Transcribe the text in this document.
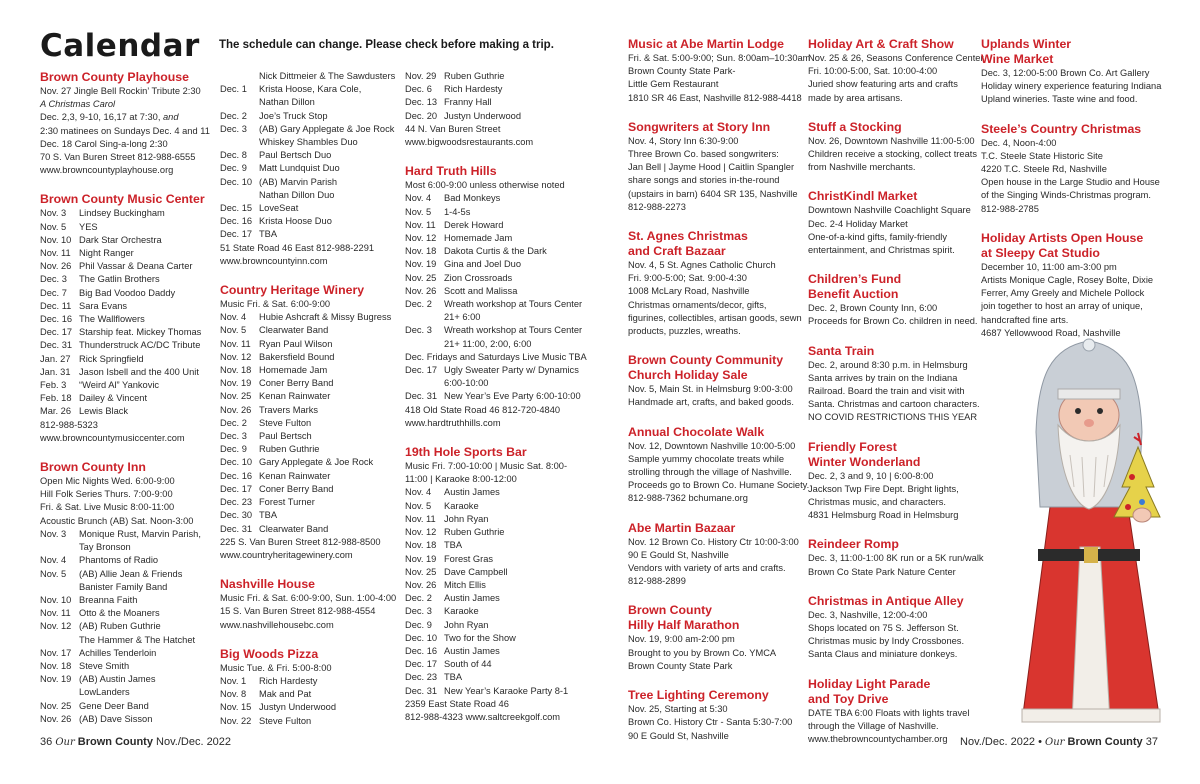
Calendar The schedule can change. Please check before making a trip.
Brown County Playhouse

Nov. 27 Jingle Bell Rockin’ Tribute 2:30

A Christmas Carol

Dec. 2,3, 9-10, 16,17 at 7:30, and

2:30 matinees on Sundays Dec. 4 and 11

Dec. 18 Carol Sing-a-long 2:30

70 S. Van Buren Street 812-988-6555

www.browncountyplayhouse.org

Brown County Music Center
Nov. 3	Lindsey Buckingham
Nov. 5	YES
Nov. 10 Dark Star Orchestra
Nov. 11 Night Ranger
Nov. 26 Phil Vassar & Deana Carter
Dec. 3	The Gatlin Brothers
Dec. 7	Big Bad Voodoo Daddy
Dec. 11 Sara Evans
Dec. 16 The Wallflowers
Dec. 17 Starship feat. Mickey Thomas
Dec. 31 Thunderstruck AC/DC Tribute
Jan. 27 Rick Springfield
Jan. 31 Jason Isbell and the 400 Unit
Feb. 3	“Weird Al” Yankovic
Feb. 18 Dailey & Vincent
Mar. 26 Lewis Black

812-988-5323

www.browncountymusiccenter.com

Brown County Inn

Open Mic Nights Wed. 6:00-9:00

Hill Folk Series Thurs. 7:00-9:00

Fri. & Sat. Live Music 8:00-11:00

Acoustic Brunch (AB) Sat. Noon-3:00

Nov. 3	Monique Rust, Marvin Parish,
Tay Bronson
Nov. 4	Phantoms of Radio
Nov. 5	(AB) Allie Jean & Friends
Banister Family Band
Nov. 10 Breanna Faith
Nov. 11 Otto & the Moaners
Nov. 12 (AB) Ruben Guthrie
The Hammer & The Hatchet
Nov. 17 Achilles Tenderloin
Nov. 18 Steve Smith
Nov. 19 (AB) Austin James
LowLanders
Nov. 25 Gene Deer Band
Nov. 26 (AB) Dave Sisson
Nick Dittmeier & The Sawdusters
Dec. 1	Krista Hoose, Kara Cole,
Nathan Dillon
Dec. 2	Joe’s Truck Stop
Dec. 3	(AB) Gary Applegate & Joe Rock
Whiskey Shambles Duo
Dec. 8	Paul Bertsch Duo
Dec. 9	Matt Lundquist Duo
Dec. 10 (AB) Marvin Parish
Nathan Dillon Duo
Dec. 15 LoveSeat
Dec. 16 Krista Hoose Duo
Dec. 17 TBA

51 State Road 46 East 812-988-2291

www.browncountyinn.com

Country Heritage Winery

Music Fri. & Sat. 6:00-9:00

Nov. 4	Hubie Ashcraft & Missy Bugress
Nov. 5	Clearwater Band
Nov. 11 Ryan Paul Wilson
Nov. 12 Bakersfield Bound
Nov. 18 Homemade Jam
Nov. 19 Coner Berry Band
Nov. 25 Kenan Rainwater
Nov. 26 Travers Marks
Dec. 2	Steve Fulton
Dec. 3	Paul Bertsch
Dec. 9	Ruben Guthrie
Dec. 10 Gary Applegate & Joe Rock
Dec. 16 Kenan Rainwater
Dec. 17 Coner Berry Band
Dec. 23 Forest Turner
Dec. 30 TBA
Dec. 31 Clearwater Band

225 S. Van Buren Street 812-988-8500

www.countryheritagewinery.com

Nashville House

Music Fri. & Sat. 6:00-9:00, Sun. 1:00-4:00

15 S. Van Buren Street 812-988-4554

www.nashvillehousebc.com

Big Woods Pizza

Music Tue. & Fri. 5:00-8:00

Nov. 1	Rich Hardesty
Nov. 8	Mak and Pat
Nov. 15 Justyn Underwood
Nov. 22 Steve Fulton
Nov. 29 Ruben Guthrie
Dec. 6	Rich Hardesty
Dec. 13 Franny Hall
Dec. 20 Justyn Underwood

44 N. Van Buren Street

www.bigwoodsrestaurants.com

Hard Truth Hills

Most 6:00-9:00 unless otherwise noted

Nov. 4	Bad Monkeys
Nov. 5	1-4-5s
Nov. 11 Derek Howard
Nov. 12 Homemade Jam
Nov. 18 Dakota Curtis & the Dark
Nov. 19 Gina and Joel Duo
Nov. 25 Zion Crossroads
Nov. 26 Scott and Malissa
Dec. 2	Wreath workshop at Tours Center
21+ 6:00
Dec. 3	Wreath workshop at Tours Center
21+ 11:00, 2:00, 6:00

Dec. Fridays and Saturdays Live Music TBA

Dec. 17 Ugly Sweater Party w/ Dynamics
6:00-10:00
Dec. 31 New Year’s Eve Party 6:00-10:00

418 Old State Road 46 812-720-4840

www.hardtruthhills.com

19th Hole Sports Bar

Music Fri. 7:00-10:00 | Music Sat. 8:00-

11:00 | Karaoke 8:00-12:00

Nov. 4	Austin James
Nov. 5	Karaoke
Nov. 11 John Ryan
Nov. 12 Ruben Guthrie
Nov. 18 TBA
Nov. 19 Forest Gras
Nov. 25 Dave Campbell
Nov. 26 Mitch Ellis
Dec. 2	Austin James
Dec. 3	Karaoke
Dec. 9	John Ryan
Dec. 10 Two for the Show
Dec. 16 Austin James
Dec. 17 South of 44
Dec. 23 TBA
Dec. 31 New Year’s Karaoke Party 8-1

2359 East State Road 46

812-988-4323 www.saltcreekgolf.com

Music at Abe Martin Lodge

Fri. & Sat. 5:00-9:00; Sun. 8:00am–10:30am

Brown County State Park-

Little Gem Restaurant

1810 SR 46 East, Nashville 812-988-4418

Songwriters at Story Inn

Nov. 4, Story Inn 6:30-9:00

Three Brown Co. based songwriters:

Jan Bell | Jayme Hood | Caitlin Spangler

share songs and stories in-the-round

(upstairs in barn) 6404 SR 135, Nashville

812-988-2273

St. Agnes Christmas
and Craft Bazaar

Nov. 4, 5 St. Agnes Catholic Church

Fri. 9:00-5:00; Sat. 9:00-4:30

1008 McLary Road, Nashville

Christmas ornaments/decor, gifts,

figurines, collectibles, artisan goods, sewn

products, puzzles, wreaths.

Brown County Community
Church Holiday Sale

Nov. 5, Main St. in Helmsburg 9:00-3:00

Handmade art, crafts, and baked goods.

Annual Chocolate Walk

Nov. 12, Downtown Nashville 10:00-5:00

Sample yummy chocolate treats while

strolling through the village of Nashville.

Proceeds go to Brown Co. Humane Society.

812-988-7362 bchumane.org

Abe Martin Bazaar

Nov. 12 Brown Co. History Ctr 10:00-3:00

90 E Gould St, Nashville

Vendors with variety of arts and crafts.

812-988-2899

Brown County
Hilly Half Marathon

Nov. 19, 9:00 am-2:00 pm

Brought to you by Brown Co. YMCA

Brown County State Park

Tree Lighting Ceremony

Nov. 25, Starting at 5:30

Brown Co. History Ctr - Santa 5:30-7:00

90 E Gould St, Nashville

Holiday Art & Craft Show

Nov. 25 & 26, Seasons Conference Center

Fri. 10:00-5:00, Sat. 10:00-4:00

Juried show featuring arts and crafts

made by area artisans.

Stuff a Stocking

Nov. 26, Downtown Nashville 11:00-5:00

Children receive a stocking, collect treats

from Nashville merchants.

ChristKindl Market

Downtown Nashville Coachlight Square

Dec. 2-4 Holiday Market

One-of-a-kind gifts, family-friendly

entertainment, and Christmas spirit.

Children’s Fund
Benefit Auction

Dec. 2, Brown County Inn, 6:00

Proceeds for Brown Co. children in need.

Santa Train

Dec. 2, around 8:30 p.m. in Helmsburg

Santa arrives by train on the Indiana

Railroad. Board the train and visit with

Santa. Christmas and cartoon characters.

NO COVID RESTRICTIONS THIS YEAR

Friendly Forest
Winter Wonderland

Dec. 2, 3 and 9, 10 | 6:00-8:00

Jackson Twp Fire Dept. Bright lights,

Christmas music, and characters.

4831 Helmsburg Road in Helmsburg

Reindeer Romp

Dec. 3, 11:00-1:00 8K run or a 5K run/walk

Brown Co State Park Nature Center

Christmas in Antique Alley

Dec. 3, Nashville, 12:00-4:00

Shops located on 75 S. Jefferson St.

Christmas music by Indy Crossbones.

Santa Claus and miniature donkeys.

Holiday Light Parade
and Toy Drive

DATE TBA 6:00 Floats with lights travel

through the Village of Nashville.

www.thebrowncountychamber.org

Uplands Winter
Wine Market

Dec. 3, 12:00-5:00 Brown Co. Art Gallery

Holiday winery experience featuring Indiana

Upland wineries. Taste wine and food.

Steele’s Country Christmas

Dec. 4, Noon-4:00

T.C. Steele State Historic Site

4220 T.C. Steele Rd, Nashville

Open house in the Large Studio and House

of the Singing Winds-Christmas program.

812-988-2785

Holiday Artists Open House
at Sleepy Cat Studio

December 10, 11:00 am-3:00 pm

Artists Monique Cagle, Rosey Bolte, Dixie

Ferrer, Amy Greely and Michele Pollock

join together to host an array of unique,

handcrafted fine arts.

4687 Yellowwood Road, Nashville

36 Our Brown County Nov./Dec. 2022	Nov./Dec. 2022 • Our Brown County 37
